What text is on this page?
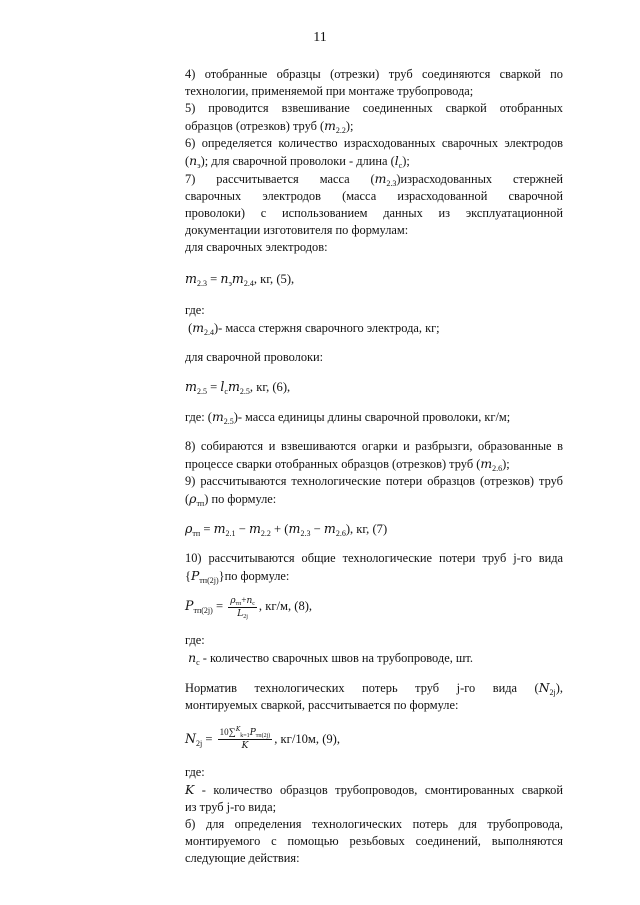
11

4) отобранные образцы (отрезки) труб соединяются сваркой по

технологии, применяемой при монтаже трубопровода;

5) проводится взвешивание соединенных сваркой отобранных

образцов (отрезков) труб $(m_{2.2})$;

6) определяется количество израсходованных сварочных электродов

$(n_э)$; для сварочной проволоки - длина $(l_c)$;

7) рассчитывается масса $(m_{2.3})израсходованных$ стержней

сварочных электродов (масса израсходованной сварочной

проволоки) с использованием данных из эксплуатационной

документации изготовителя по формулам:

для сварочных электродов:

$m_{2.3} = n_эm_{2.4}$, кг, (5),

где:

$(m_{2.4})-$ масса стержня сварочного электрода, кг;

для сварочной проволоки:

$m_{2.5} = l_cm_{2.5}$, кг, (6),

где: $(m_{2.5})-$ масса единицы длины сварочной проволоки, кг/м;

8) собираются и взвешиваются огарки и разбрызги, образованные в

процессе сварки отобранных образцов (отрезков) труб $(m_{2.6})$;

9) рассчитываются технологические потери образцов (отрезков) труб

$(\rho_{тп})$ по формуле:

$\rho_{тп} = m_{2.1} - m_{2.2} + (m_{2.3} - m_{2.6})$, кг, (7)

10) рассчитываются общие технологические потери труб j-го вида

$\{P_{тп(2j)}\}по$ формуле:

$P_{тп(2j)} = \frac{\rho_{тп}+n_c}{L_{2j}}$ , кг/м, (8),

где:

$n_c$ - количество сварочных швов на трубопроводе, шт.

Норматив технологических потерь труб j-го вида $(N_{2j})$,

монтируемых сваркой, рассчитывается по формуле:

$N_{2j} = \frac{10\sum^K_{k=1}P_{тп(2j)}}{K}$ , кг/10м, (9),

где:

K - количество образцов трубопроводов, смонтированных сваркой

из труб j-го вида;

б) для определения технологических потерь для трубопровода,

монтируемого с помощью резьбовых соединений, выполняются

следующие действия:
